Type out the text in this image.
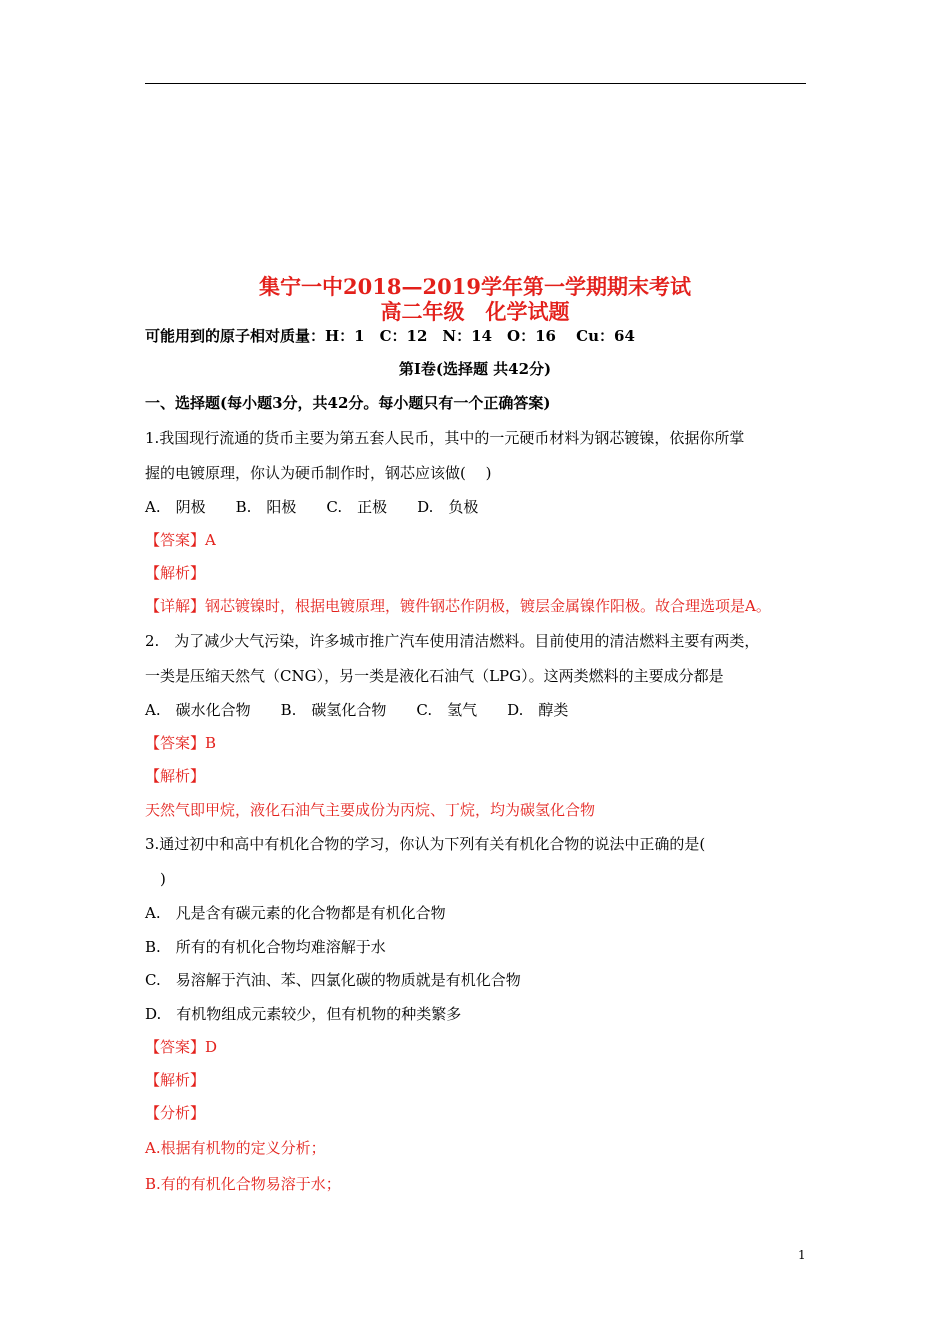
集宁一中2018—2019学年第一学期期末考试
高二年级　化学试题
可能用到的原子相对质量：H：1　C：12　N：14　O：16　 Cu：64
第Ⅰ卷(选择题 共42分)
一、选择题(每小题3分，共42分。每小题只有一个正确答案)
1.我国现行流通的货币主要为第五套人民币，其中的一元硬币材料为钢芯镀镍，依据你所掌
握的电镀原理，你认为硬币制作时，钢芯应该做(　 )
A.　阴极　　B.　阳极　　C.　正极　　D.　负极
【答案】A
【解析】
【详解】钢芯镀镍时，根据电镀原理，镀件钢芯作阴极，镀层金属镍作阳极。故合理选项是A。
2.　为了减少大气污染，许多城市推广汽车使用清洁燃料。目前使用的清洁燃料主要有两类，
一类是压缩天然气（CNG），另一类是液化石油气（LPG）。这两类燃料的主要成分都是
A.　碳水化合物　　B.　碳氢化合物　　C.　氢气　　D.　醇类
【答案】B
【解析】
天然气即甲烷，液化石油气主要成份为丙烷、丁烷，均为碳氢化合物
3.通过初中和高中有机化合物的学习，你认为下列有关有机化合物的说法中正确的是(
　)
A.　凡是含有碳元素的化合物都是有机化合物
B.　所有的有机化合物均难溶解于水
C.　易溶解于汽油、苯、四氯化碳的物质就是有机化合物
D.　有机物组成元素较少，但有机物的种类繁多
【答案】D
【解析】
【分析】
A.根据有机物的定义分析；
B.有的有机化合物易溶于水；
1
